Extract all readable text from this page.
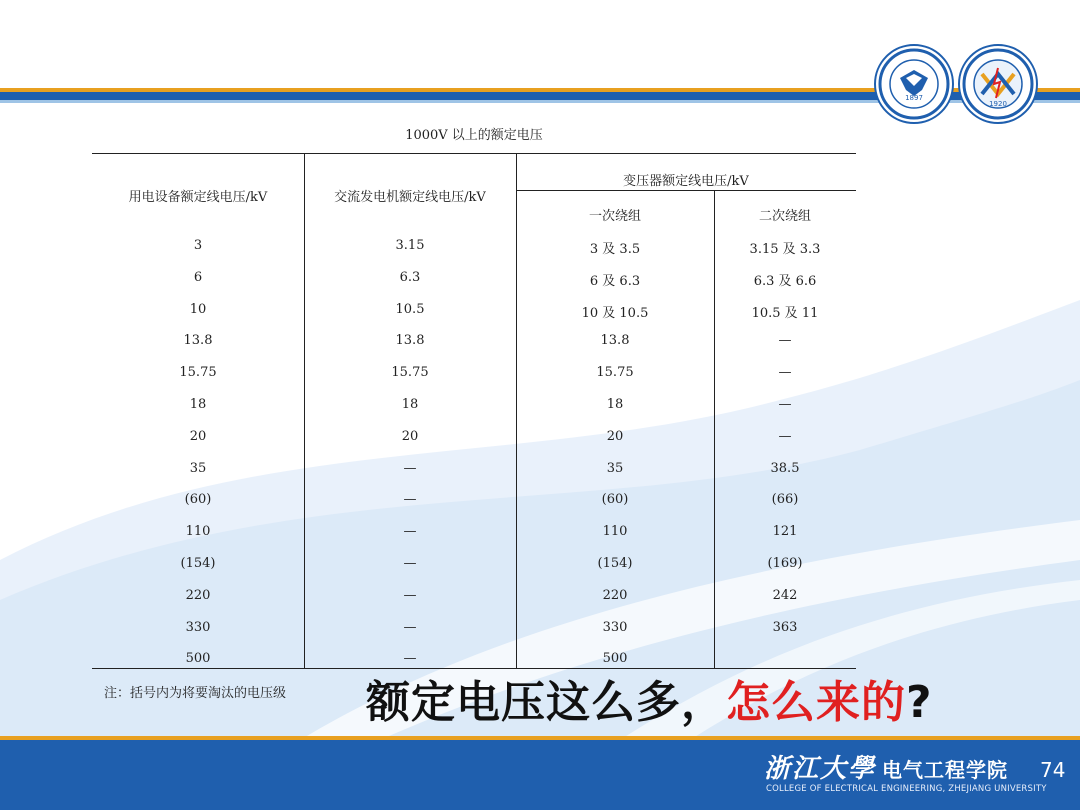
1897
1920
1000V 以上的额定电压
用电设备额定线电压/kV	交流发电机额定线电压/kV
变压器额定线电压/kV
一次绕组	二次绕组
3	3.15	3 及 3.5	3.15 及 3.3
6	6.3	6 及 6.3	6.3 及 6.6
10	10.5	10 及 10.5	10.5 及 11
13.8	13.8	13.8	—
15.75	15.75	15.75	—
18	18	18	—
20	20	20	—
35	—	35	38.5
(60)	—	(60)	(66)
110	—	110	121
(154)	—	(154)	(169)
220	—	220	242
330	—	330	363
500	—	500
注：括号内为将要淘汰的电压级 额定电压这么多，怎么来的?
浙江大學 电气工程学院
COLLEGE OF ELECTRICAL ENGINEERING, ZHEJIANG UNIVERSITY
74
